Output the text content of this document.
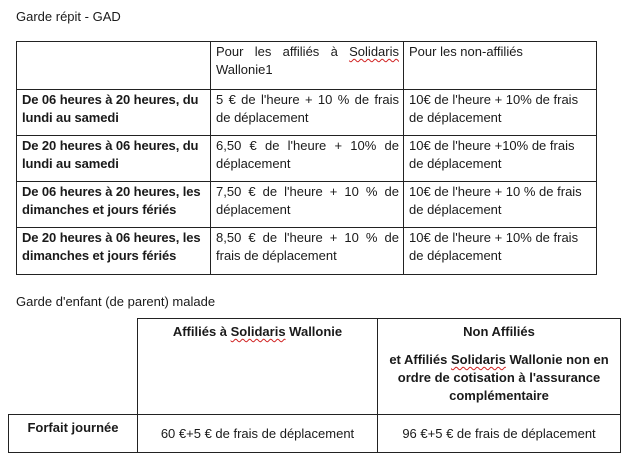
Garde répit - GAD
	Pour les affiliés à Solidaris Wallonie1	Pour les non-affiliés
De 06 heures à 20 heures, du lundi au samedi	5 € de l'heure + 10 % de frais de déplacement	10€ de l'heure + 10% de frais de déplacement
De 20 heures à 06 heures, du lundi au samedi	6,50 € de l'heure + 10% de déplacement	10€ de l'heure +10% de frais de déplacement
De 06 heures à 20 heures, les dimanches et jours fériés	7,50 € de l'heure + 10 % de déplacement	10€ de l'heure + 10 % de frais de déplacement
De 20 heures à 06 heures, les dimanches et jours fériés	8,50 € de l'heure + 10 % de frais de déplacement	10€ de l'heure + 10% de frais de déplacement
Garde d'enfant (de parent) malade
	Affiliés à Solidaris Wallonie	Non Affiliés
et Affiliés Solidaris Wallonie non en ordre de cotisation à l'assurance complémentaire

Forfait journée	60 €+5 € de frais de déplacement	96 €+5 € de frais de déplacement
